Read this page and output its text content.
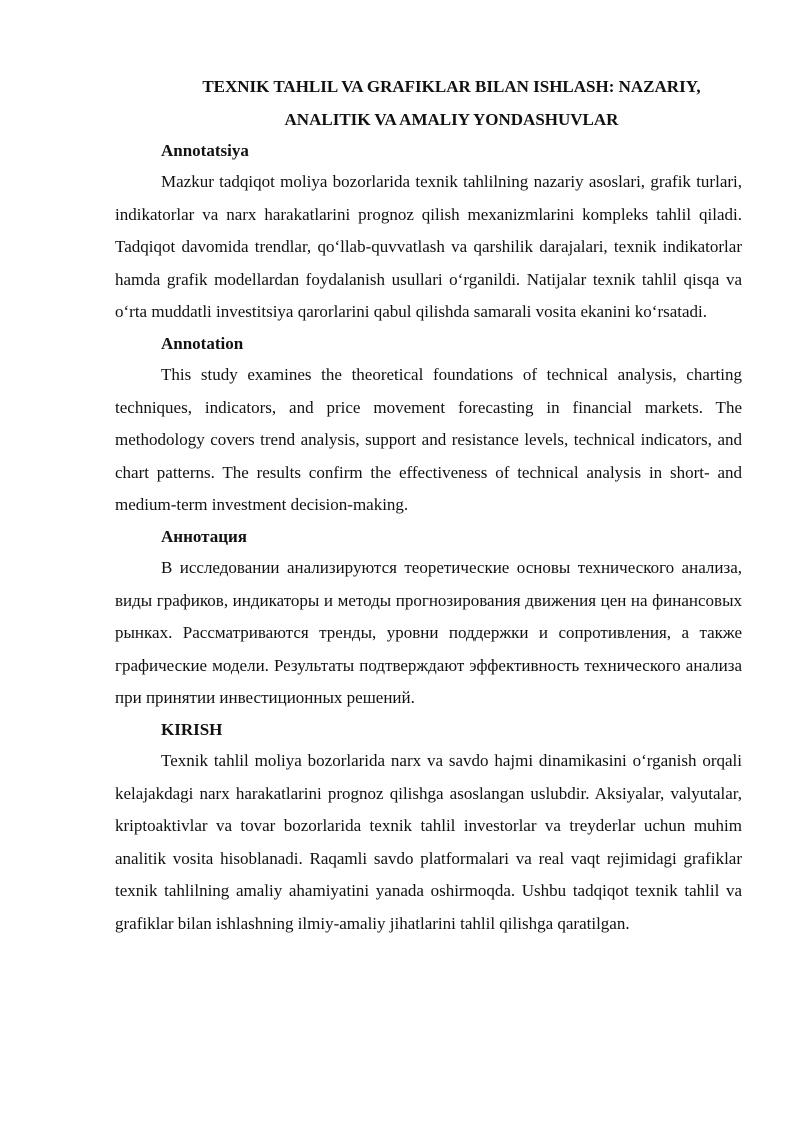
TEXNIK TAHLIL VA GRAFIKLAR BILAN ISHLASH: NAZARIY,
ANALITIK VA AMALIY YONDASHUVLAR

Annotatsiya

Mazkur tadqiqot moliya bozorlarida texnik tahlilning nazariy asoslari, grafik turlari, indikatorlar va narx harakatlarini prognoz qilish mexanizmlarini kompleks tahlil qiladi. Tadqiqot davomida trendlar, qo‘llab-quvvatlash va qarshilik darajalari, texnik indikatorlar hamda grafik modellardan foydalanish usullari o‘rganildi. Natijalar texnik tahlil qisqa va o‘rta muddatli investitsiya qarorlarini qabul qilishda samarali vosita ekanini ko‘rsatadi.

Annotation

This study examines the theoretical foundations of technical analysis, charting techniques, indicators, and price movement forecasting in financial markets. The methodology covers trend analysis, support and resistance levels, technical indicators, and chart patterns. The results confirm the effectiveness of technical analysis in short- and medium-term investment decision-making.

Аннотация

В исследовании анализируются теоретические основы технического анализа, виды графиков, индикаторы и методы прогнозирования движения цен на финансовых рынках. Рассматриваются тренды, уровни поддержки и сопротивления, а также графические модели. Результаты подтверждают эффективность технического анализа при принятии инвестиционных решений.

KIRISH

Texnik tahlil moliya bozorlarida narx va savdo hajmi dinamikasini o‘rganish orqali kelajakdagi narx harakatlarini prognoz qilishga asoslangan uslubdir. Aksiyalar, valyutalar, kriptoaktivlar va tovar bozorlarida texnik tahlil investorlar va treyderlar uchun muhim analitik vosita hisoblanadi. Raqamli savdo platformalari va real vaqt rejimidagi grafiklar texnik tahlilning amaliy ahamiyatini yanada oshirmoqda. Ushbu tadqiqot texnik tahlil va grafiklar bilan ishlashning ilmiy-amaliy jihatlarini tahlil qilishga qaratilgan.
